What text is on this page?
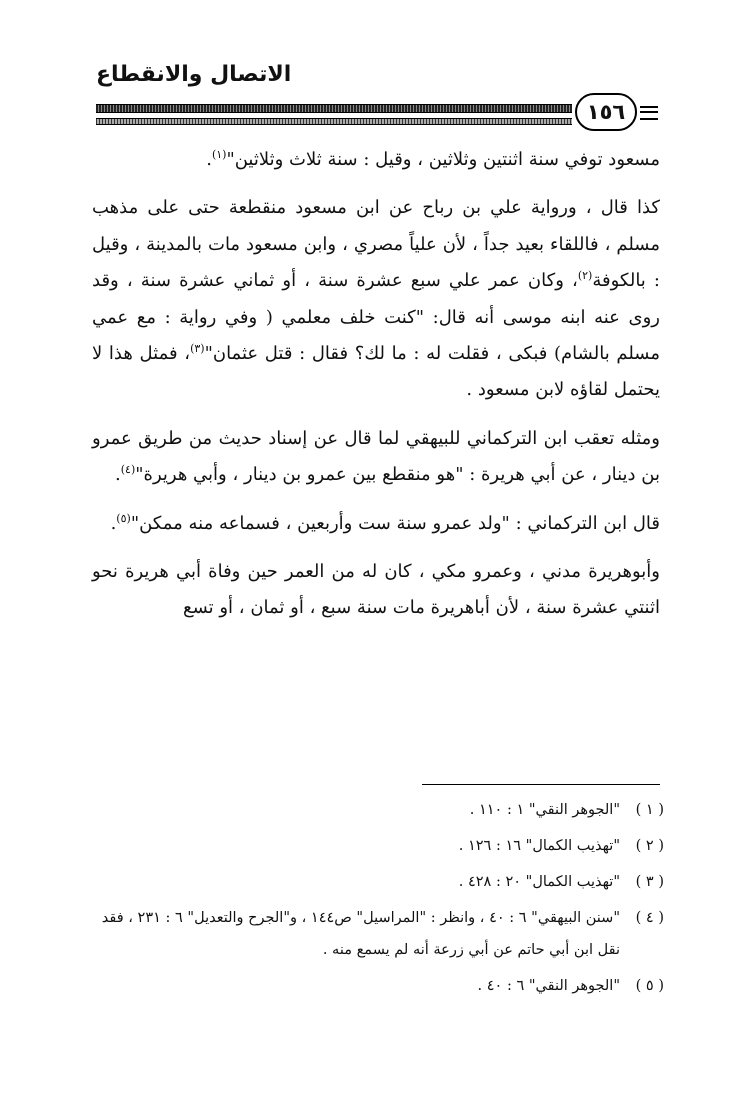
الاتصال والانقطاع
١٥٦

مسعود توفي سنة اثنتين وثلاثين ، وقيل : سنة ثلاث وثلاثين"$^{(١)}$.

كذا قال ، ورواية علي بن رباح عن ابن مسعود منقطعة حتى على مذهب مسلم ، فاللقاء بعيد جداً ، لأن علياً مصري ، وابن مسعود مات بالمدينة ، وقيل : بالكوفة$^{(٢)}$، وكان عمر علي سبع عشرة سنة ، أو ثماني عشرة سنة ، وقد روى عنه ابنه موسى أنه قال: "كنت خلف معلمي ( وفي رواية : مع عمي مسلم بالشام) فبكى ، فقلت له : ما لك؟ فقال : قتل عثمان"$^{(٣)}$، فمثل هذا لا يحتمل لقاؤه لابن مسعود .

ومثله تعقب ابن التركماني للبيهقي لما قال عن إسناد حديث من طريق عمرو بن دينار ، عن أبي هريرة : "هو منقطع بين عمرو بن دينار ، وأبي هريرة"$^{(٤)}$.

قال ابن التركماني : "ولد عمرو سنة ست وأربعين ، فسماعه منه ممكن"$^{(٥)}$.

وأبوهريرة مدني ، وعمرو مكي ، كان له من العمر حين وفاة أبي هريرة نحو اثنتي عشرة سنة ، لأن أباهريرة مات سنة سبع ، أو ثمان ، أو تسع

( ١ )
"الجوهر النقي" ١ : ١١٠ .
( ٢ )
"تهذيب الكمال" ١٦ : ١٢٦ .
( ٣ )
"تهذيب الكمال" ٢٠ : ٤٢٨ .
( ٤ )
"سنن البيهقي" ٦ : ٤٠ ، وانظر : "المراسيل" ص١٤٤ ، و"الجرح والتعديل" ٦ : ٢٣١ ، فقد
نقل ابن أبي حاتم عن أبي زرعة أنه لم يسمع منه .
( ٥ )
"الجوهر النقي" ٦ : ٤٠ .
